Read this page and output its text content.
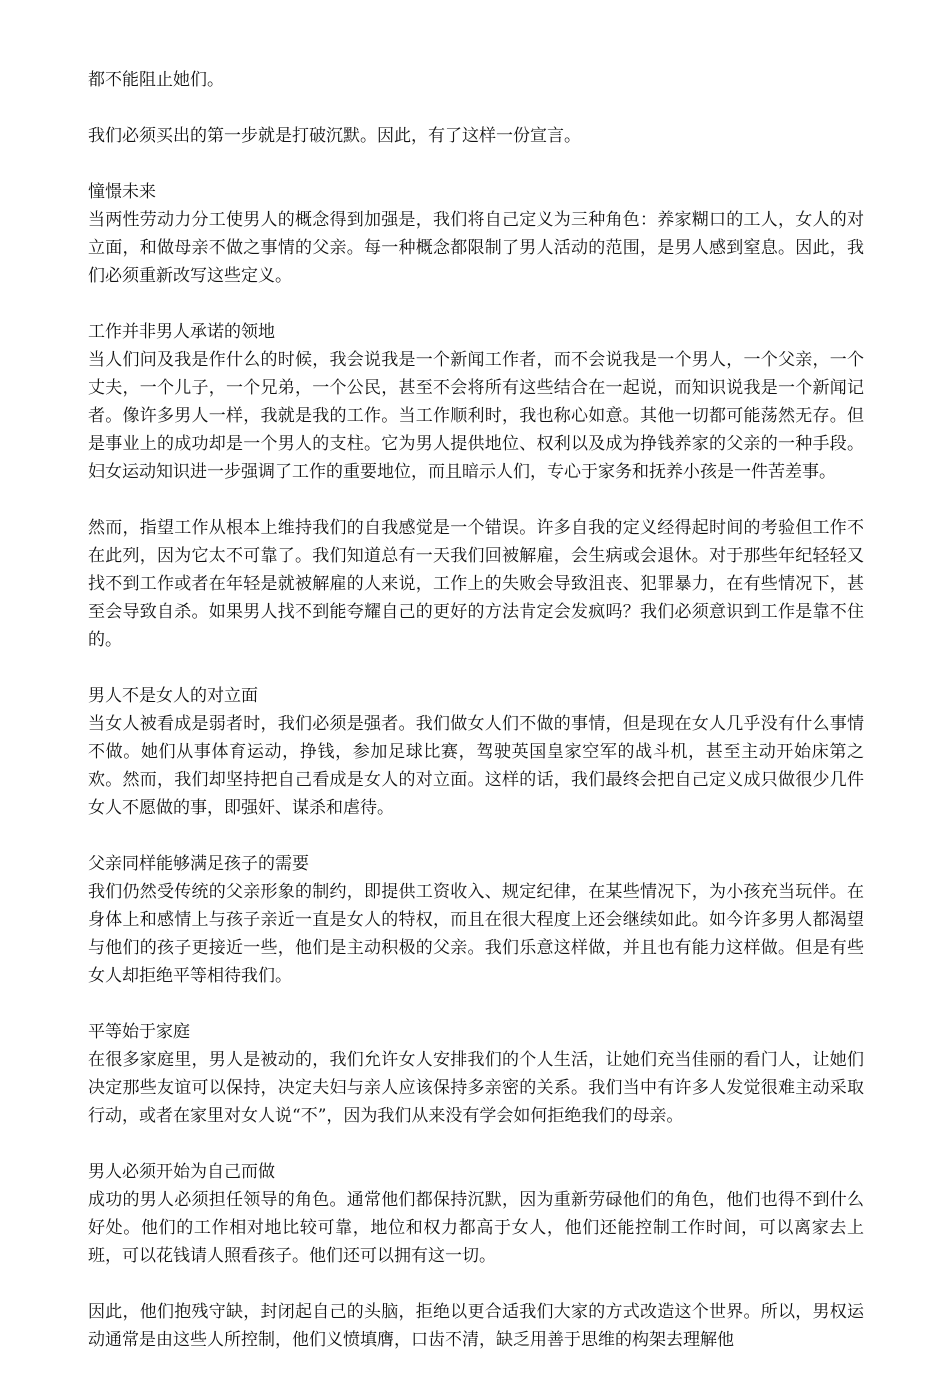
都不能阻止她们。

我们必须买出的第一步就是打破沉默。因此，有了这样一份宣言。

憧憬未来

当两性劳动力分工使男人的概念得到加强是，我们将自己定义为三种角色：养家糊口的工人，女人的对立面，和做母亲不做之事情的父亲。每一种概念都限制了男人活动的范围，是男人感到窒息。因此，我们必须重新改写这些定义。

工作并非男人承诺的领地

当人们问及我是作什么的时候，我会说我是一个新闻工作者，而不会说我是一个男人，一个父亲，一个丈夫，一个儿子，一个兄弟，一个公民，甚至不会将所有这些结合在一起说，而知识说我是一个新闻记者。像许多男人一样，我就是我的工作。当工作顺利时，我也称心如意。其他一切都可能荡然无存。但是事业上的成功却是一个男人的支柱。它为男人提供地位、权利以及成为挣钱养家的父亲的一种手段。妇女运动知识进一步强调了工作的重要地位，而且暗示人们，专心于家务和抚养小孩是一件苦差事。

然而，指望工作从根本上维持我们的自我感觉是一个错误。许多自我的定义经得起时间的考验但工作不在此列，因为它太不可靠了。我们知道总有一天我们回被解雇，会生病或会退休。对于那些年纪轻轻又找不到工作或者在年轻是就被解雇的人来说，工作上的失败会导致沮丧、犯罪暴力，在有些情况下，甚至会导致自杀。如果男人找不到能夸耀自己的更好的方法肯定会发疯吗？我们必须意识到工作是靠不住的。

男人不是女人的对立面

当女人被看成是弱者时，我们必须是强者。我们做女人们不做的事情，但是现在女人几乎没有什么事情不做。她们从事体育运动，挣钱，参加足球比赛，驾驶英国皇家空军的战斗机，甚至主动开始床第之欢。然而，我们却坚持把自己看成是女人的对立面。这样的话，我们最终会把自己定义成只做很少几件女人不愿做的事，即强奸、谋杀和虐待。

父亲同样能够满足孩子的需要

我们仍然受传统的父亲形象的制约，即提供工资收入、规定纪律，在某些情况下，为小孩充当玩伴。在身体上和感情上与孩子亲近一直是女人的特权，而且在很大程度上还会继续如此。如今许多男人都渴望与他们的孩子更接近一些，他们是主动积极的父亲。我们乐意这样做，并且也有能力这样做。但是有些女人却拒绝平等相待我们。

平等始于家庭

在很多家庭里，男人是被动的，我们允许女人安排我们的个人生活，让她们充当佳丽的看门人，让她们决定那些友谊可以保持，决定夫妇与亲人应该保持多亲密的关系。我们当中有许多人发觉很难主动采取行动，或者在家里对女人说“不”，因为我们从来没有学会如何拒绝我们的母亲。

男人必须开始为自己而做

成功的男人必须担任领导的角色。通常他们都保持沉默，因为重新劳碌他们的角色，他们也得不到什么好处。他们的工作相对地比较可靠，地位和权力都高于女人，他们还能控制工作时间，可以离家去上班，可以花钱请人照看孩子。他们还可以拥有这一切。

因此，他们抱残守缺，封闭起自己的头脑，拒绝以更合适我们大家的方式改造这个世界。所以，男权运动通常是由这些人所控制，他们义愤填膺，口齿不清，缺乏用善于思维的构架去理解他
